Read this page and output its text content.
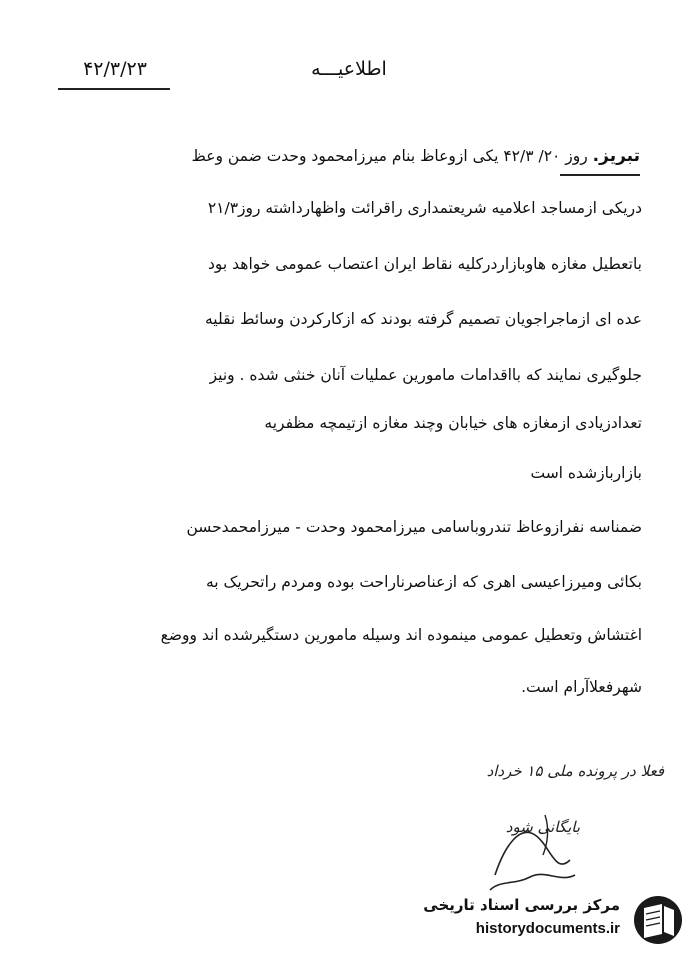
اطلاعیـــه
۴۲/۳/۲۳
تبریز. روز ۲۰/ ۴۲/۳ یکی ازوعاظ بنام میرزامحمود وحدت ضمن وعظ
دریکی ازمساجد اعلامیه شریعتمداری راقرائت واظهارداشته روز۲۱/۳
باتعطیل مغازه هاوبازاردرکلیه نقاط ایران اعتصاب عمومی خواهد بود
عده ای ازماجراجویان تصمیم گرفته بودند که ازکارکردن وسائط نقلیه
جلوگیری نمایند که بااقدامات مامورین عملیات آنان خنثی شده . ونیز
تعدادزیادی ازمغازه های خیابان وچند مغازه ازتیمچه مظفریه
بازاربازشده است
ضمناسه نفرازوعاظ تندروباسامی میرزامحمود وحدت - میرزامحمدحسن
بکائی ومیرزاعیسی اهری که ازعناصرناراحت بوده ومردم راتحریک به
اغتشاش وتعطیل عمومی مینموده اند وسیله مامورین دستگیرشده اند ووضع
شهرفعلاآرام است.
فعلا در پرونده ملی ۱۵ خرداد
بایگانی شود
مرکز بررسی اسناد تاریخی
historydocuments.ir
